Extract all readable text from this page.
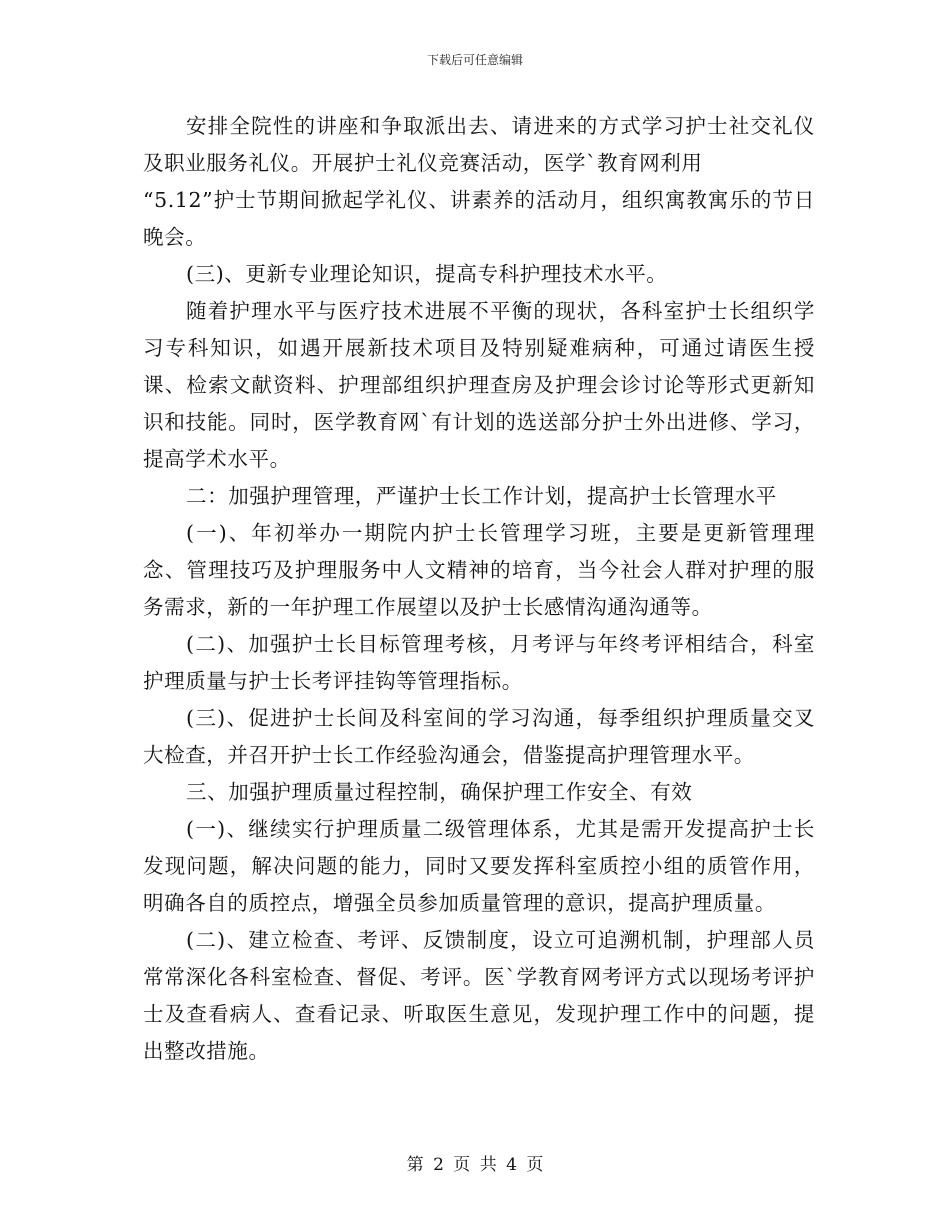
下载后可任意编辑

安排全院性的讲座和争取派出去、请进来的方式学习护士社交礼仪及职业服务礼仪。开展护士礼仪竞赛活动，医学`教育网利用

“5.12”护士节期间掀起学礼仪、讲素养的活动月，组织寓教寓乐的节日晚会。

(三)、更新专业理论知识，提高专科护理技术水平。

随着护理水平与医疗技术进展不平衡的现状，各科室护士长组织学习专科知识，如遇开展新技术项目及特别疑难病种，可通过请医生授课、检索文献资料、护理部组织护理查房及护理会诊讨论等形式更新知识和技能。同时，医学教育网`有计划的选送部分护士外出进修、学习，提高学术水平。

二：加强护理管理，严谨护士长工作计划，提高护士长管理水平

(一)、年初举办一期院内护士长管理学习班，主要是更新管理理念、管理技巧及护理服务中人文精神的培育，当今社会人群对护理的服务需求，新的一年护理工作展望以及护士长感情沟通沟通等。

(二)、加强护士长目标管理考核，月考评与年终考评相结合，科室护理质量与护士长考评挂钩等管理指标。

(三)、促进护士长间及科室间的学习沟通，每季组织护理质量交叉大检查，并召开护士长工作经验沟通会，借鉴提高护理管理水平。

三、加强护理质量过程控制，确保护理工作安全、有效

(一)、继续实行护理质量二级管理体系，尤其是需开发提高护士长发现问题，解决问题的能力，同时又要发挥科室质控小组的质管作用，明确各自的质控点，增强全员参加质量管理的意识，提高护理质量。

(二)、建立检查、考评、反馈制度，设立可追溯机制，护理部人员常常深化各科室检查、督促、考评。医`学教育网考评方式以现场考评护士及查看病人、查看记录、听取医生意见，发现护理工作中的问题，提出整改措施。

第 2 页 共 4 页
